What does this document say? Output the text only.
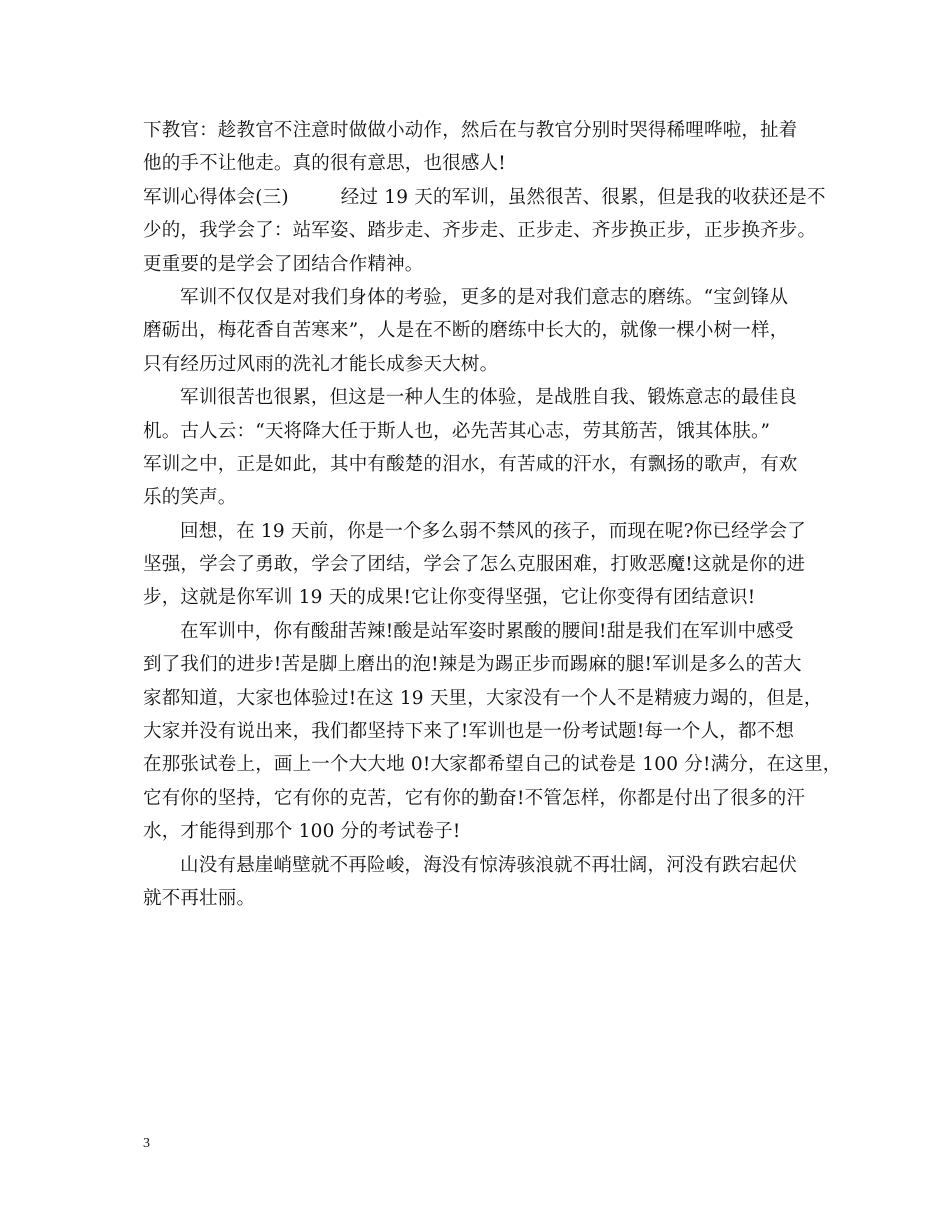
下教官：趁教官不注意时做做小动作，然后在与教官分别时哭得稀哩哗啦，扯着
他的手不让他走。真的很有意思，也很感人!
军训心得体会(三)	经过 19 天的军训，虽然很苦、很累，但是我的收获还是不
少的，我学会了：站军姿、踏步走、齐步走、正步走、齐步换正步，正步换齐步。
更重要的是学会了团结合作精神。
军训不仅仅是对我们身体的考验，更多的是对我们意志的磨练。“宝剑锋从
磨砺出，梅花香自苦寒来”，人是在不断的磨练中长大的，就像一棵小树一样，
只有经历过风雨的洗礼才能长成参天大树。
军训很苦也很累，但这是一种人生的体验，是战胜自我、锻炼意志的最佳良
机。古人云：“天将降大任于斯人也，必先苦其心志，劳其筋苦，饿其体肤。”
军训之中，正是如此，其中有酸楚的泪水，有苦咸的汗水，有飘扬的歌声，有欢
乐的笑声。
回想，在 19 天前，你是一个多么弱不禁风的孩子，而现在呢?你已经学会了
坚强，学会了勇敢，学会了团结，学会了怎么克服困难，打败恶魔!这就是你的进
步，这就是你军训 19 天的成果!它让你变得坚强，它让你变得有团结意识!
在军训中，你有酸甜苦辣!酸是站军姿时累酸的腰间!甜是我们在军训中感受
到了我们的进步!苦是脚上磨出的泡!辣是为踢正步而踢麻的腿!军训是多么的苦大
家都知道，大家也体验过!在这 19 天里，大家没有一个人不是精疲力竭的，但是，
大家并没有说出来，我们都坚持下来了!军训也是一份考试题!每一个人，都不想
在那张试卷上，画上一个大大地 0!大家都希望自己的试卷是 100 分!满分，在这里，
它有你的坚持，它有你的克苦，它有你的勤奋!不管怎样，你都是付出了很多的汗
水，才能得到那个 100 分的考试卷子!
山没有悬崖峭壁就不再险峻，海没有惊涛骇浪就不再壮阔，河没有跌宕起伏
就不再壮丽。
3
